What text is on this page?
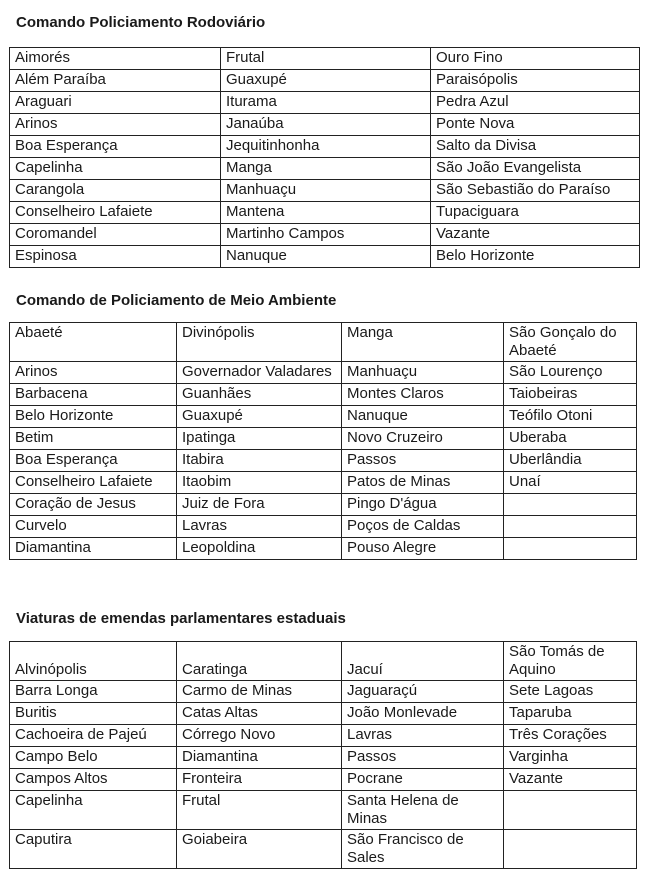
Comando Policiamento Rodoviário
Aimorés	Frutal	Ouro Fino
Além Paraíba	Guaxupé	Paraisópolis
Araguari	Iturama	Pedra Azul
Arinos	Janaúba	Ponte Nova
Boa Esperança	Jequitinhonha	Salto da Divisa
Capelinha	Manga	São João Evangelista
Carangola	Manhuaçu	São Sebastião do Paraíso
Conselheiro Lafaiete	Mantena	Tupaciguara
Coromandel	Martinho Campos	Vazante
Espinosa	Nanuque	Belo Horizonte
Comando de Policiamento de Meio Ambiente
Abaeté	Divinópolis	Manga	São Gonçalo do Abaeté
Arinos	Governador Valadares	Manhuaçu	São Lourenço
Barbacena	Guanhães	Montes Claros	Taiobeiras
Belo Horizonte	Guaxupé	Nanuque	Teófilo Otoni
Betim	Ipatinga	Novo Cruzeiro	Uberaba
Boa Esperança	Itabira	Passos	Uberlândia
Conselheiro Lafaiete	Itaobim	Patos de Minas	Unaí
Coração de Jesus	Juiz de Fora	Pingo D'água	
Curvelo	Lavras	Poços de Caldas	
Diamantina	Leopoldina	Pouso Alegre	
Viaturas de emendas parlamentares estaduais
Alvinópolis	Caratinga	Jacuí	São Tomás de Aquino
Barra Longa	Carmo de Minas	Jaguaraçú	Sete Lagoas
Buritis	Catas Altas	João Monlevade	Taparuba
Cachoeira de Pajeú	Córrego Novo	Lavras	Três Corações
Campo Belo	Diamantina	Passos	Varginha
Campos Altos	Fronteira	Pocrane	Vazante
Capelinha	Frutal	Santa Helena de Minas	
Caputira	Goiabeira	São Francisco de Sales	
